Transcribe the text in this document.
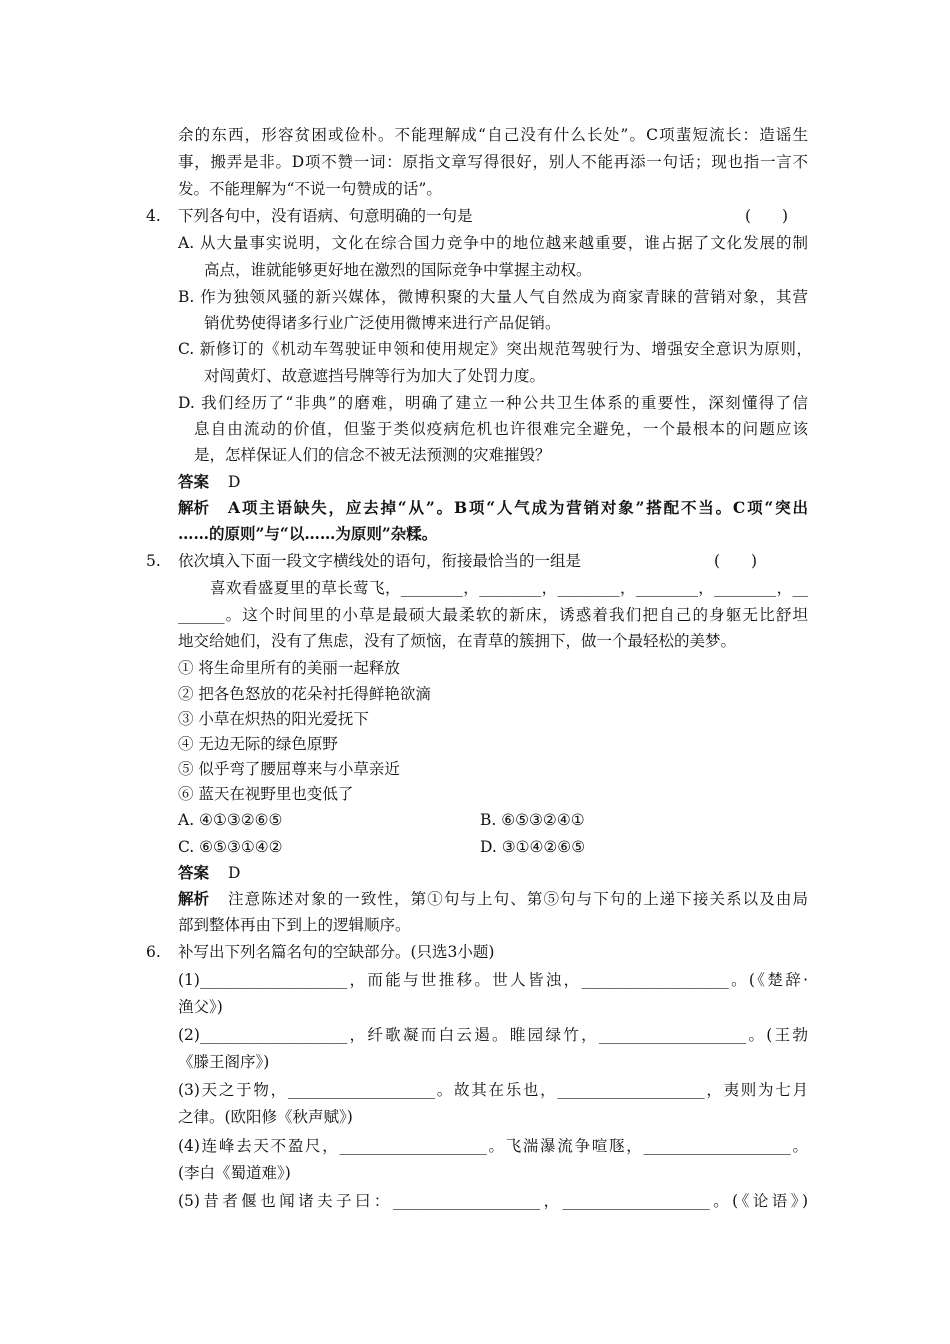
余的东西，形容贫困或俭朴。不能理解成“自己没有什么长处”。C项蜚短流长：造谣生
事，搬弄是非。D项不赞一词：原指文章写得很好，别人不能再添一句话；现也指一言不
发。不能理解为“不说一句赞成的话”。
4. 下列各句中，没有语病、句意明确的一句是	(　　)
A. 从大量事实说明，文化在综合国力竞争中的地位越来越重要，谁占据了文化发展的制
高点，谁就能够更好地在激烈的国际竞争中掌握主动权。
B. 作为独领风骚的新兴媒体，微博积聚的大量人气自然成为商家青睐的营销对象，其营
销优势使得诸多行业广泛使用微博来进行产品促销。
C. 新修订的《机动车驾驶证申领和使用规定》突出规范驾驶行为、增强安全意识为原则，
对闯黄灯、故意遮挡号牌等行为加大了处罚力度。
D. 我们经历了“非典”的磨难，明确了建立一种公共卫生体系的重要性，深刻懂得了信
息自由流动的价值，但鉴于类似疫病危机也许很难完全避免，一个最根本的问题应该
是，怎样保证人们的信念不被无法预测的灾难摧毁？
答案 D
解析 A项主语缺失，应去掉“从”。B项“人气成为营销对象”搭配不当。C项“突出
……的原则”与“以……为原则”杂糅。
5. 依次填入下面一段文字横线处的语句，衔接最恰当的一组是	(　　)
喜欢看盛夏里的草长莺飞，________，________，________，________，________，__
______。这个时间里的小草是最硕大最柔软的新床，诱惑着我们把自己的身躯无比舒坦
地交给她们，没有了焦虑，没有了烦恼，在青草的簇拥下，做一个最轻松的美梦。
① 将生命里所有的美丽一起释放
② 把各色怒放的花朵衬托得鲜艳欲滴
③ 小草在炽热的阳光爱抚下
④ 无边无际的绿色原野
⑤ 似乎弯了腰屈尊来与小草亲近
⑥ 蓝天在视野里也变低了
A. ④①③②⑥⑤	B. ⑥⑤③②④①
C. ⑥⑤③①④②	D. ③①④②⑥⑤
答案 D
解析 注意陈述对象的一致性，第①句与上句、第⑤句与下句的上递下接关系以及由局
部到整体再由下到上的逻辑顺序。
6. 补写出下列名篇名句的空缺部分。(只选3小题)
(1)___________________，而能与世推移。世人皆浊，___________________。(《楚辞·
渔父》)
(2)___________________，纤歌凝而白云遏。睢园绿竹，___________________。(王勃
《滕王阁序》)
(3)天之于物，___________________。故其在乐也，___________________，夷则为七月
之律。(欧阳修《秋声赋》)
(4)连峰去天不盈尺，___________________。飞湍瀑流争喧豗，___________________。
(李白《蜀道难》)
(5)昔者偃也闻诸夫子曰：___________________，___________________。(《论语》)
